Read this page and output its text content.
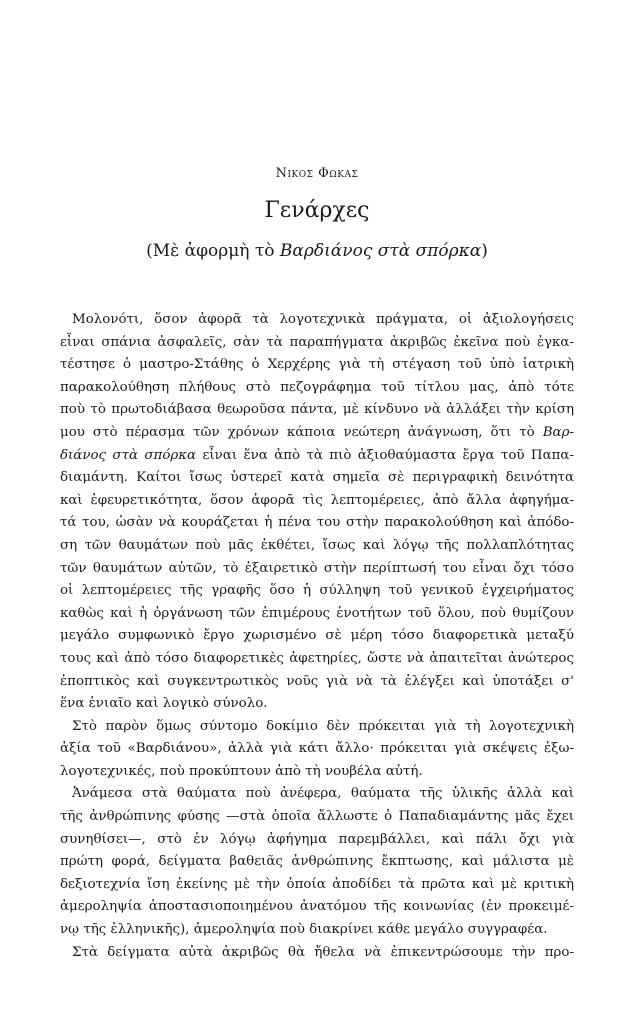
Νικος Φωκας
Γενάρχες
(Μὲ ἀφορμὴ τὸ Βαρδιάνος στὰ σπόρκα)
Μολονότι, ὅσον ἀφορᾶ τὰ λογοτεχνικὰ πράγματα, οἱ ἀξιολογήσεις
εἶναι σπάνια ἀσφαλεῖς, σὰν τὰ παραπήγματα ἀκριβῶς ἐκεῖνα ποὺ ἐγκα-
τέστησε ὁ μαστρο-Στάθης ὁ Χερχέρης γιὰ τὴ στέγαση τοῦ ὑπὸ ἰατρικὴ
παρακολούθηση πλήθους στὸ πεζογράφημα τοῦ τίτλου μας, ἀπὸ τότε
ποὺ τὸ πρωτοδιάβασα θεωροῦσα πάντα, μὲ κίνδυνο νὰ ἀλλάξει τὴν κρίση
μου στὸ πέρασμα τῶν χρόνων κάποια νεώτερη ἀνάγνωση, ὅτι τὸ Βαρ-
διάνος στὰ σπόρκα εἶναι ἕνα ἀπὸ τὰ πιὸ ἀξιοθαύμαστα ἔργα τοῦ Παπα-
διαμάντη. Καίτοι ἴσως ὑστερεῖ κατὰ σημεῖα σὲ περιγραφικὴ δεινότητα
καὶ ἐφευρετικότητα, ὅσον ἀφορᾶ τὶς λεπτομέρειες, ἀπὸ ἄλλα ἀφηγήμα-
τά του, ὡσὰν νὰ κουράζεται ἡ πένα του στὴν παρακολούθηση καὶ ἀπόδο-
ση τῶν θαυμάτων ποὺ μᾶς ἐκθέτει, ἴσως καὶ λόγῳ τῆς πολλαπλότητας
τῶν θαυμάτων αὐτῶν, τὸ ἐξαιρετικὸ στὴν περίπτωσή του εἶναι ὄχι τόσο
οἱ λεπτομέρειες τῆς γραφῆς ὅσο ἡ σύλληψη τοῦ γενικοῦ ἐγχειρήματος
καθὼς καὶ ἡ ὀργάνωση τῶν ἐπιμέρους ἑνοτήτων τοῦ ὅλου, ποὺ θυμίζουν
μεγάλο συμφωνικὸ ἔργο χωρισμένο σὲ μέρη τόσο διαφορετικὰ μεταξύ
τους καὶ ἀπὸ τόσο διαφορετικὲς ἀφετηρίες, ὥστε νὰ ἀπαιτεῖται ἀνώτερος
ἐποπτικὸς καὶ συγκεντρωτικὸς νοῦς γιὰ νὰ τὰ ἐλέγξει καὶ ὑποτάξει σ'
ἕνα ἑνιαῖο καὶ λογικὸ σύνολο.
Στὸ παρὸν ὅμως σύντομο δοκίμιο δὲν πρόκειται γιὰ τὴ λογοτεχνικὴ
ἀξία τοῦ «Βαρδιάνου», ἀλλὰ γιὰ κάτι ἄλλο· πρόκειται γιὰ σκέψεις ἐξω-
λογοτεχνικές, ποὺ προκύπτουν ἀπὸ τὴ νουβέλα αὐτή.
Ἀνάμεσα στὰ θαύματα ποὺ ἀνέφερα, θαύματα τῆς ὑλικῆς ἀλλὰ καὶ
τῆς ἀνθρώπινης φύσης —στὰ ὁποῖα ἄλλωστε ὁ Παπαδιαμάντης μᾶς ἔχει
συνηθίσει—, στὸ ἐν λόγῳ ἀφήγημα παρεμβάλλει, καὶ πάλι ὄχι γιὰ
πρώτη φορά, δείγματα βαθειᾶς ἀνθρώπινης ἔκπτωσης, καὶ μάλιστα μὲ
δεξιοτεχνία ἴση ἐκείνης μὲ τὴν ὁποία ἀποδίδει τὰ πρῶτα καὶ μὲ κριτικὴ
ἀμεροληψία ἀποστασιοποιημένου ἀνατόμου τῆς κοινωνίας (ἐν προκειμέ-
νῳ τῆς ἑλληνικῆς), ἀμεροληψία ποὺ διακρίνει κάθε μεγάλο συγγραφέα.
Στὰ δείγματα αὐτὰ ἀκριβῶς θὰ ἤθελα νὰ ἐπικεντρώσουμε τὴν προ-
